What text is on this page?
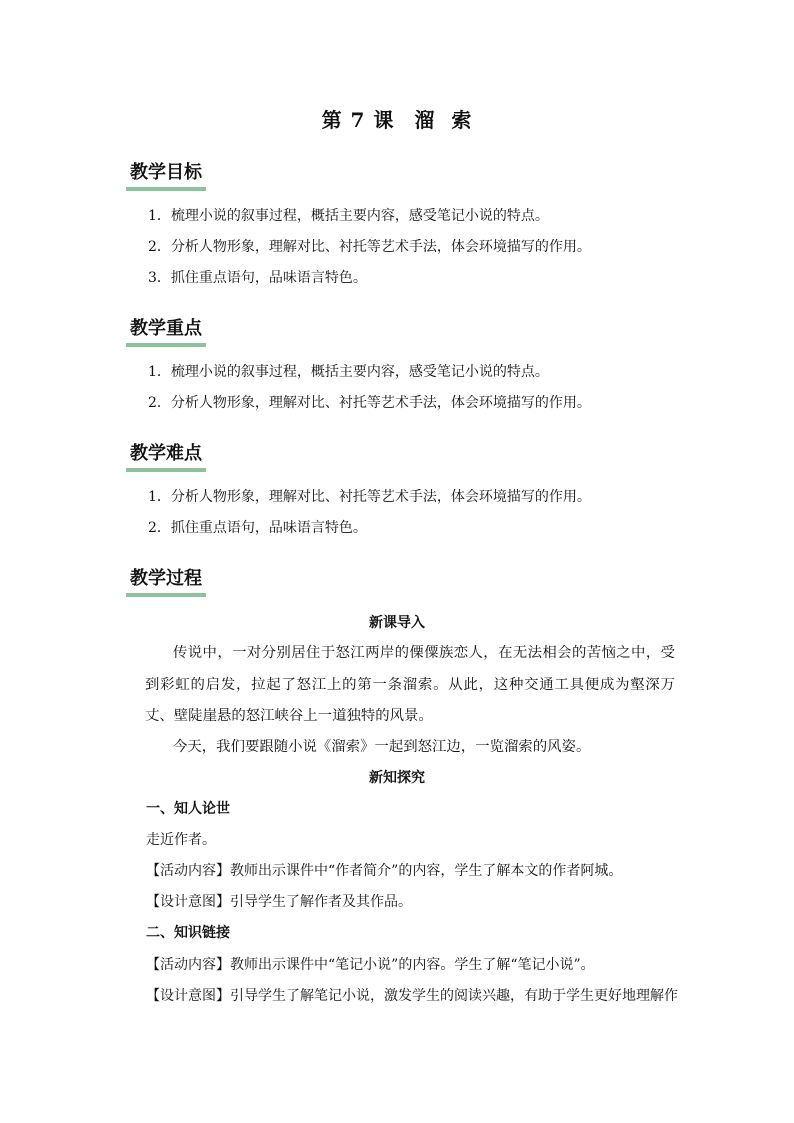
第 7 课 溜 索
教学目标
1．梳理小说的叙事过程，概括主要内容，感受笔记小说的特点。
2．分析人物形象，理解对比、衬托等艺术手法，体会环境描写的作用。
3．抓住重点语句，品味语言特色。
教学重点
1．梳理小说的叙事过程，概括主要内容，感受笔记小说的特点。
2．分析人物形象，理解对比、衬托等艺术手法，体会环境描写的作用。
教学难点
1．分析人物形象，理解对比、衬托等艺术手法，体会环境描写的作用。
2．抓住重点语句，品味语言特色。
教学过程
新课导入
传说中，一对分别居住于怒江两岸的傈僳族恋人，在无法相会的苦恼之中，受到彩虹的启发，拉起了怒江上的第一条溜索。从此，这种交通工具便成为壑深万丈、壁陡崖悬的怒江峡谷上一道独特的风景。
今天，我们要跟随小说《溜索》一起到怒江边，一览溜索的风姿。
新知探究
一、知人论世
走近作者。
【活动内容】教师出示课件中“作者简介”的内容，学生了解本文的作者阿城。
【设计意图】引导学生了解作者及其作品。
二、知识链接
【活动内容】教师出示课件中“笔记小说”的内容。学生了解“笔记小说”。
【设计意图】引导学生了解笔记小说，激发学生的阅读兴趣，有助于学生更好地理解作
